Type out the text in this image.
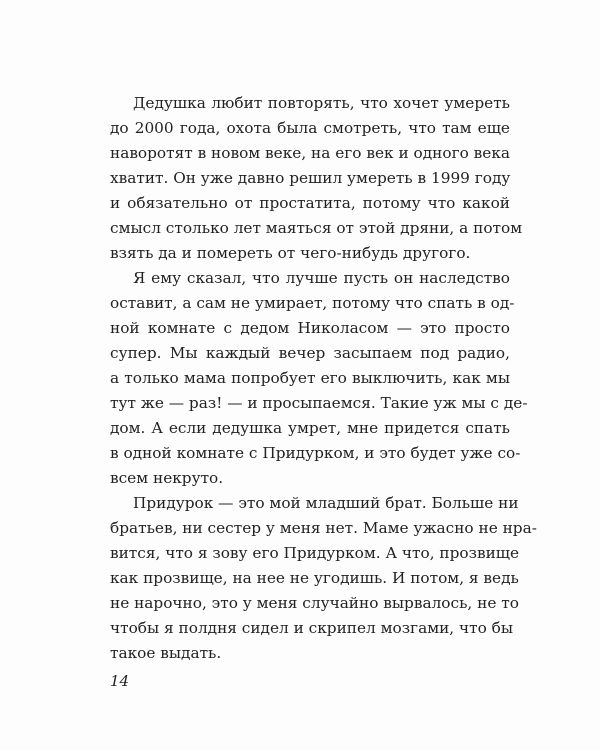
Дедушка любит повторять, что хочет умереть
до 2000 года, охота была смотреть, что там еще
наворотят в новом веке, на его век и одного века
хватит. Он уже давно решил умереть в 1999 году
и обязательно от простатита, потому что какой
смысл столько лет маяться от этой дряни, а потом
взять да и помереть от чего-нибудь другого.
Я ему сказал, что лучше пусть он наследство
оставит, а сам не умирает, потому что спать в од-
ной комнате с дедом Николасом — это просто
супер. Мы каждый вечер засыпаем под радио,
а только мама попробует его выключить, как мы
тут же — раз! — и просыпаемся. Такие уж мы с де-
дом. А если дедушка умрет, мне придется спать
в одной комнате с Придурком, и это будет уже со-
всем некруто.
Придурок — это мой младший брат. Больше ни
братьев, ни сестер у меня нет. Маме ужасно не нра-
вится, что я зову его Придурком. А что, прозвище
как прозвище, на нее не угодишь. И потом, я ведь
не нарочно, это у меня случайно вырвалось, не то
чтобы я полдня сидел и скрипел мозгами, что бы
такое выдать.
14
